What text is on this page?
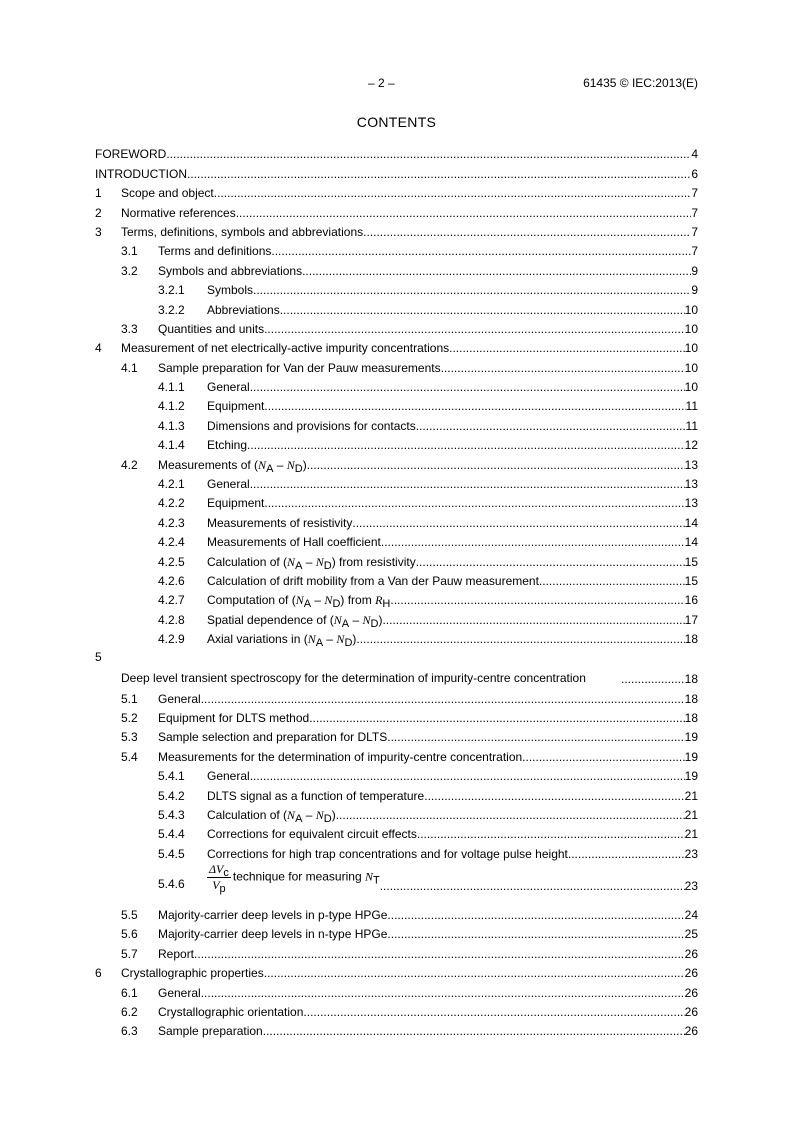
– 2 –	61435 © IEC:2013(E)
CONTENTS
FOREWORD .....	4
INTRODUCTION .....	6
1 Scope and object .....	7
2 Normative references .....	7
3 Terms, definitions, symbols and abbreviations .....	7
3.1 Terms and definitions .....	7
3.2 Symbols and abbreviations .....	9
3.2.1 Symbols .....	9
3.2.2 Abbreviations .....	10
3.3 Quantities and units .....	10
4 Measurement of net electrically-active impurity concentrations .....	10
4.1 Sample preparation for Van der Pauw measurements .....	10
4.1.1 General .....	10
4.1.2 Equipment .....	11
4.1.3 Dimensions and provisions for contacts .....	11
4.1.4 Etching .....	12
4.2 Measurements of $(N_A - N_D)$ .....	13
4.2.1 General .....	13
4.2.2 Equipment .....	13
4.2.3 Measurements of resistivity .....	14
4.2.4 Measurements of Hall coefficient .....	14
4.2.5 Calculation of $(N_A - N_D)$ from resistivity .....	15
4.2.6 Calculation of drift mobility from a Van der Pauw measurement .....	15
4.2.7 Computation of $(N_A - N_D)$ from $R_H$ .....	16
4.2.8 Spatial dependence of $(N_A - N_D)$ .....	17
4.2.9 Axial variations in $(N_A - N_D)$ .....	18
5
Deep level transient spectroscopy for the determination of impurity-centre concentration .....	18
5.1 General .....	18
5.2 Equipment for DLTS method .....	18
5.3 Sample selection and preparation for DLTS .....	19
5.4 Measurements for the determination of impurity-centre concentration .....	19
5.4.1 General .....	19
5.4.2 DLTS signal as a function of temperature .....	21
5.4.3 Calculation of $(N_A - N_D)$ .....	21
5.4.4 Corrections for equivalent circuit effects .....	21
5.4.5 Corrections for high trap concentrations and for voltage pulse height .....	23
$5.4.6 \frac{\Delta V_c}{V_p}$ technique for measuring $N_T$ .....	23
5.5 Majority-carrier deep levels in p-type HPGe .....	24
5.6 Majority-carrier deep levels in n-type HPGe .....	25
5.7 Report .....	26
6 Crystallographic properties .....	26
6.1 General .....	26
6.2 Crystallographic orientation .....	26
6.3 Sample preparation .....	26
